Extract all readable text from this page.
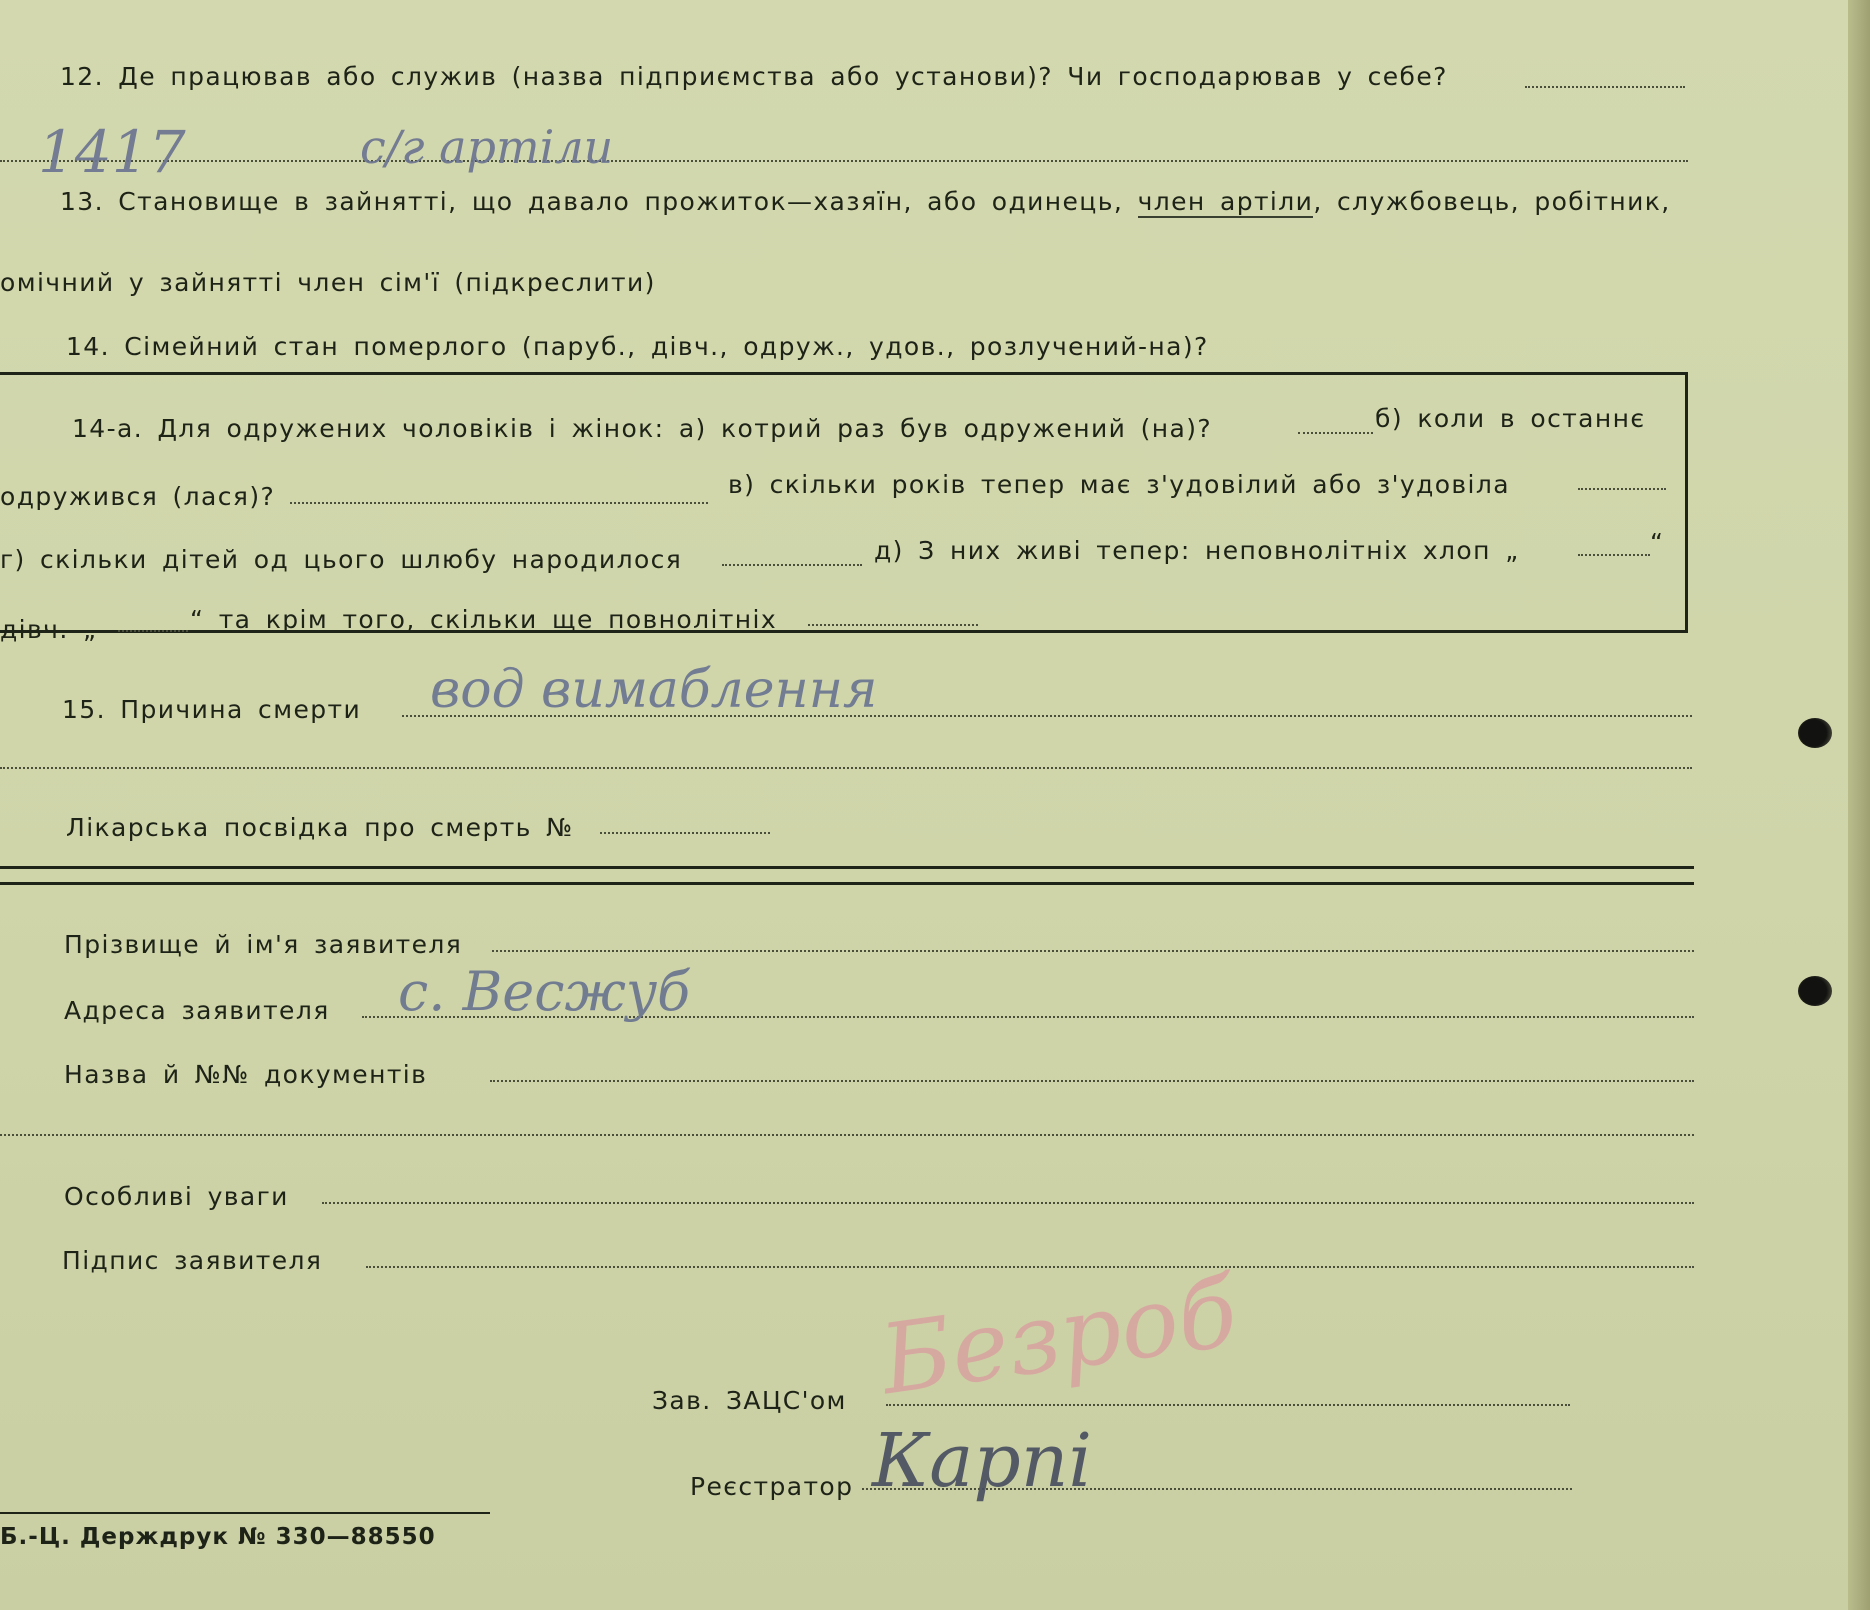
12. Де працював або служив (назва підприємства або установи)? Чи господарював у себе?
1417	с/г артіли
13. Становище в зайнятті, що давало прожиток—хазяїн, або одинець, член артіли, службовець, робітник,
омічний у зайнятті член сім'ї (підкреслити)
14. Сімейний стан померлого (паруб., дівч., одруж., удов., розлучений-на)?
14-а. Для одружених чоловіків і жінок: а) котрий раз був одружений (на)?	б) коли в останнє
одружився (лася)?	в) скільки років тепер має з'удовілий або з'удовіла
г) скільки дітей од цього шлюбу народилося	д) З них живі тепер: неповнолітніх хлоп „	“
дівч. „	“ та крім того, скільки ще повнолітніх
15. Причина смерти вод вимаблення
Лікарська посвідка про смерть №
Прізвище й ім'я заявителя
Адреса заявителя с. Весжуб
Назва й №№ документів
Особливі уваги
Підпис заявителя	Безроб
Зав. ЗАЦС'ом
Реєстратор Карпі
Б.-Ц. Держдрук № 330—88550
